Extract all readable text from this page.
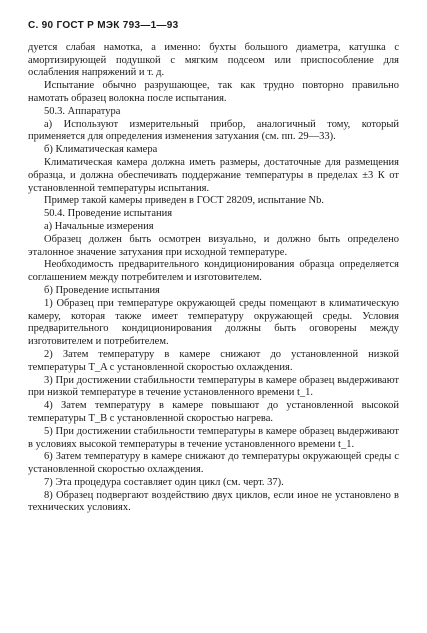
С. 90 ГОСТ Р МЭК 793—1—93

дуется слабая намотка, а именно: бухты большого диаметра, катушка с амортизирующей подушкой с мягким подсеом или приспособление для ослабления напряжений и т. д.

Испытание обычно разрушающее, так как трудно повторно правильно намотать образец волокна после испытания.

50.3. Аппаратура

а) Используют измерительный прибор, аналогичный тому, который применяется для определения изменения затухания (см. пп. 29—33).

б) Климатическая камера

Климатическая камера должна иметь размеры, достаточные для размещения образца, и должна обеспечивать поддержание температуры в пределах ±3 К от установленной температуры испытания.

Пример такой камеры приведен в ГОСТ 28209, испытание Nb.

50.4. Проведение испытания

а) Начальные измерения

Образец должен быть осмотрен визуально, и должно быть определено эталонное значение затухания при исходной температуре.

Необходимость предварительного кондиционирования образца определяется соглашением между потребителем и изготовителем.

б) Проведение испытания

1) Образец при температуре окружающей среды помещают в климатическую камеру, которая также имеет температуру окружающей среды. Условия предварительного кондиционирования должны быть оговорены между изготовителем и потребителем.

2) Затем температуру в камере снижают до установленной низкой температуры T_A с установленной скоростью охлаждения.

3) При достижении стабильности температуры в камере образец выдерживают при низкой температуре в течение установленного времени t_1.

4) Затем температуру в камере повышают до установленной высокой температуры T_B с установленной скоростью нагрева.

5) При достижении стабильности температуры в камере образец выдерживают в условиях высокой температуры в течение установленного времени t_1.

6) Затем температуру в камере снижают до температуры окружающей среды с установленной скоростью охлаждения.

7) Эта процедура составляет один цикл (см. черт. 37).

8) Образец подвергают воздействию двух циклов, если иное не установлено в технических условиях.
